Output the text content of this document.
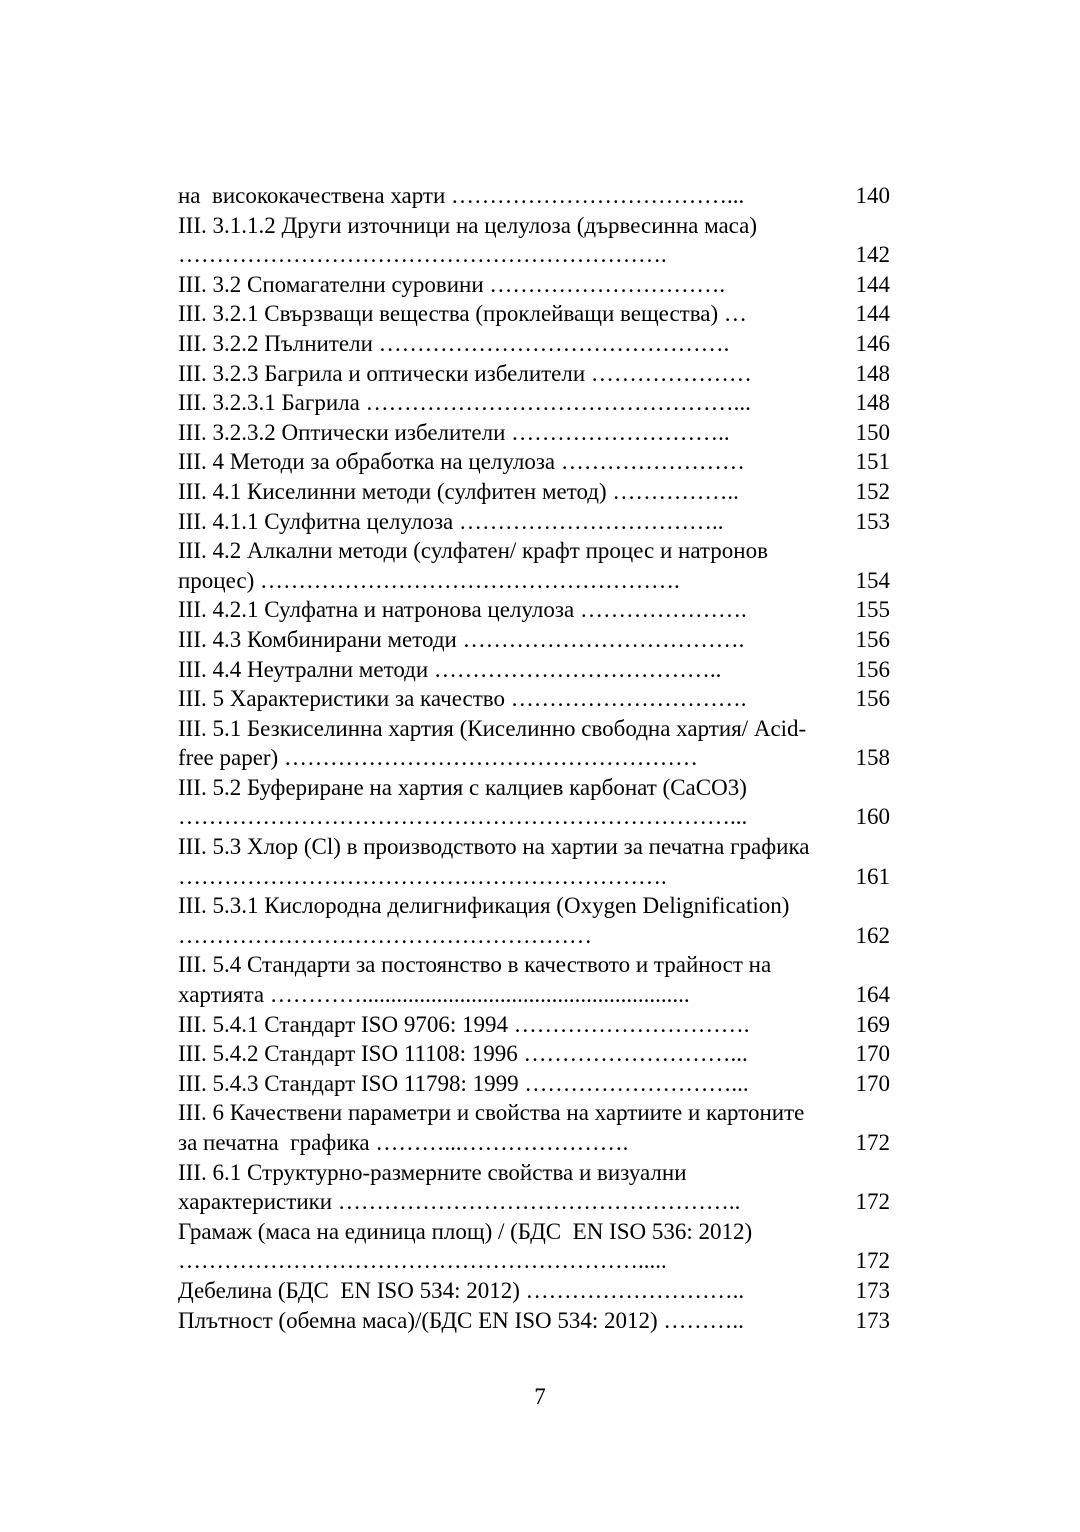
на  висококачествена харти ………………………………...	140
III. 3.1.1.2 Други източници на целулоза (дървесинна маса) ……………………………………………………….	142
III. 3.2 Спомагателни суровини ………………………….	144
III. 3.2.1 Свързващи вещества (проклейващи вещества) …	144
III. 3.2.2 Пълнители ……………………………………….	146
III. 3.2.3 Багрила и оптически избелители …………………	148
III. 3.2.3.1 Багрила …………………………………………...	148
III. 3.2.3.2 Оптически избелители ………………………..	150
III. 4 Методи за обработка на целулоза ……………………	151
III. 4.1 Киселинни методи (сулфитен метод) ……………..	152
III. 4.1.1 Сулфитна целулоза ……………………………..	153
III. 4.2 Алкални методи (сулфатен/ крафт процес и натронов процес) ……………………………………………….	154
III. 4.2.1 Сулфатна и натронова целулоза ………………….	155
III. 4.3 Комбинирани методи ……………………………….	156
III. 4.4 Неутрални методи ………………………………..	156
III. 5 Характеристики за качество ………………………….	156
III. 5.1 Безкиселинна хартия (Киселинно свободна хартия/ Acid-free paper) ………………………………………………	158
III. 5.2 Буфериране на хартия с калциев карбонат (CaCO3) ………………………………………………………………...	160
III. 5.3 Хлор (Cl) в производството на хартии за печатна графика ……………………………………………………….	161
III. 5.3.1 Кислородна делигнификация (Oxygen Delignification) ………………………………………………	162
III. 5.4 Стандарти за постоянство в качеството и трайност на хартията ………….........................................................	164
III. 5.4.1 Стандарт ISO 9706: 1994 ………………………….	169
III. 5.4.2 Стандарт ISO 11108: 1996 ………………………...	170
III. 5.4.3 Стандарт ISO 11798: 1999 ………………………...	170
III. 6 Качествени параметри и свойства на хартиите и картоните за печатна  графика ………...………………….	172
III. 6.1 Структурно-размерните свойства и визуални характеристики ……………………………………………..	172
Грамаж (маса на единица площ) / (БДС  EN ISO 536: 2012) …………………………………………………….....	172
Дебелина (БДС  EN ISO 534: 2012) ………………………..	173
Плътност (обемна маса)/(БДС EN ISO 534: 2012) ………..	173
7
